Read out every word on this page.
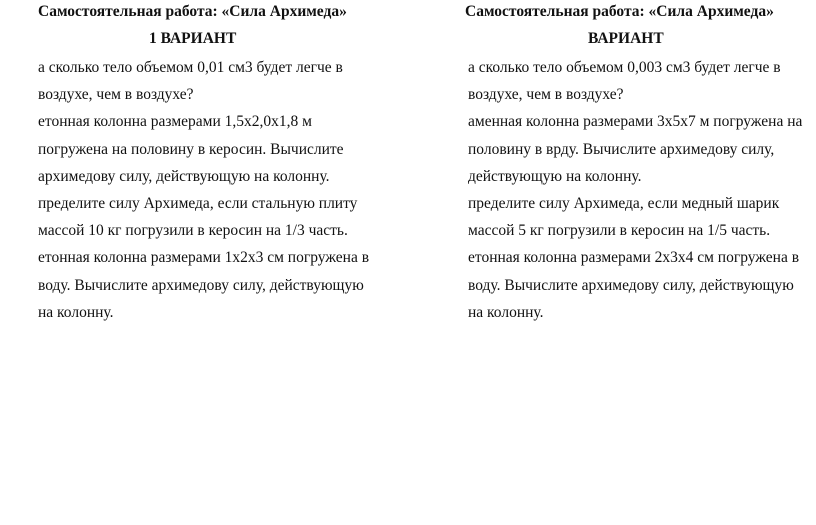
Самостоятельная работа: «Сила Архимеда»
1 ВАРИАНТ
а сколько тело объемом 0,01 см3 будет легче в
воздухе, чем в воздухе?
етонная колонна размерами 1,5х2,0х1,8 м
погружена на половину в керосин. Вычислите
архимедову силу, действующую на колонну.
пределите силу Архимеда, если стальную плиту
массой 10 кг погрузили в керосин на 1/3 часть.
етонная колонна размерами 1х2х3 см погружена в
воду. Вычислите архимедову силу, действующую
на колонну.
Самостоятельная работа: «Сила Архимеда»
ВАРИАНТ
а сколько тело объемом 0,003 см3 будет легче в
воздухе, чем в воздухе?
аменная колонна размерами 3х5х7 м погружена на
половину в врду. Вычислите архимедову силу,
действующую на колонну.
пределите силу Архимеда, если медный шарик
массой 5 кг погрузили в керосин на 1/5 часть.
етонная колонна размерами 2х3х4 см погружена в
воду. Вычислите архимедову силу, действующую
на колонну.
